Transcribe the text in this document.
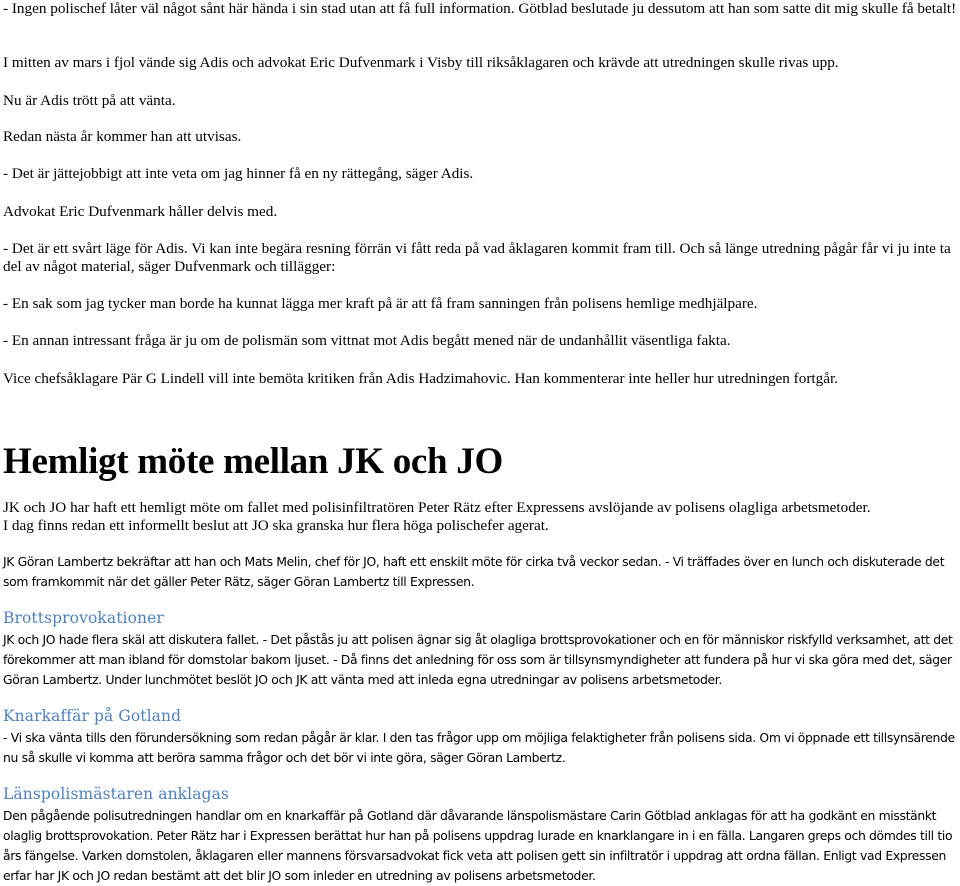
- Ingen polischef låter väl något sånt här hända i sin stad utan att få full information. Götblad beslutade ju dessutom att han som satte dit mig skulle få betalt!

I mitten av mars i fjol vände sig Adis och advokat Eric Dufvenmark i Visby till riksåklagaren och krävde att utredningen skulle rivas upp.

Nu är Adis trött på att vänta.

Redan nästa år kommer han att utvisas.

- Det är jättejobbigt att inte veta om jag hinner få en ny rättegång, säger Adis.

Advokat Eric Dufvenmark håller delvis med.

- Det är ett svårt läge för Adis. Vi kan inte begära resning förrän vi fått reda på vad åklagaren kommit fram till. Och så länge utredning pågår får vi ju inte ta del av något material, säger Dufvenmark och tillägger:

- En sak som jag tycker man borde ha kunnat lägga mer kraft på är att få fram sanningen från polisens hemlige medhjälpare.

- En annan intressant fråga är ju om de polismän som vittnat mot Adis begått mened när de undanhållit väsentliga fakta.

Vice chefsåklagare Pär G Lindell vill inte bemöta kritiken från Adis Hadzimahovic. Han kommenterar inte heller hur utredningen fortgår.

Hemligt möte mellan JK och JO
JK och JO har haft ett hemligt möte om fallet med polisinfiltratören Peter Rätz efter Expressens avslöjande av polisens olagliga arbetsmetoder.
I dag finns redan ett informellt beslut att JO ska granska hur flera höga polischefer agerat.

JK Göran Lambertz bekräftar att han och Mats Melin, chef för JO, haft ett enskilt möte för cirka två veckor sedan. - Vi träffades över en lunch och diskuterade det som framkommit när det gäller Peter Rätz, säger Göran Lambertz till Expressen.

Brottsprovokationer

JK och JO hade flera skäl att diskutera fallet. - Det påstås ju att polisen ägnar sig åt olagliga brottsprovokationer och en för människor riskfylld verksamhet, att det förekommer att man ibland för domstolar bakom ljuset. - Då finns det anledning för oss som är tillsynsmyndigheter att fundera på hur vi ska göra med det, säger Göran Lambertz. Under lunchmötet beslöt JO och JK att vänta med att inleda egna utredningar av polisens arbetsmetoder.

Knarkaffär på Gotland

- Vi ska vänta tills den förundersökning som redan pågår är klar. I den tas frågor upp om möjliga felaktigheter från polisens sida. Om vi öppnade ett tillsynsärende nu så skulle vi komma att beröra samma frågor och det bör vi inte göra, säger Göran Lambertz.

Länspolismästaren anklagas

Den pågående polisutredningen handlar om en knarkaffär på Gotland där dåvarande länspolismästare Carin Götblad anklagas för att ha godkänt en misstänkt olaglig brottsprovokation. Peter Rätz har i Expressen berättat hur han på polisens uppdrag lurade en knarklangare in i en fälla. Langaren greps och dömdes till tio års fängelse. Varken domstolen, åklagaren eller mannens försvarsadvokat fick veta att polisen gett sin infiltratör i uppdrag att ordna fällan. Enligt vad Expressen erfar har JK och JO redan bestämt att det blir JO som inleder en utredning av polisens arbetsmetoder.
